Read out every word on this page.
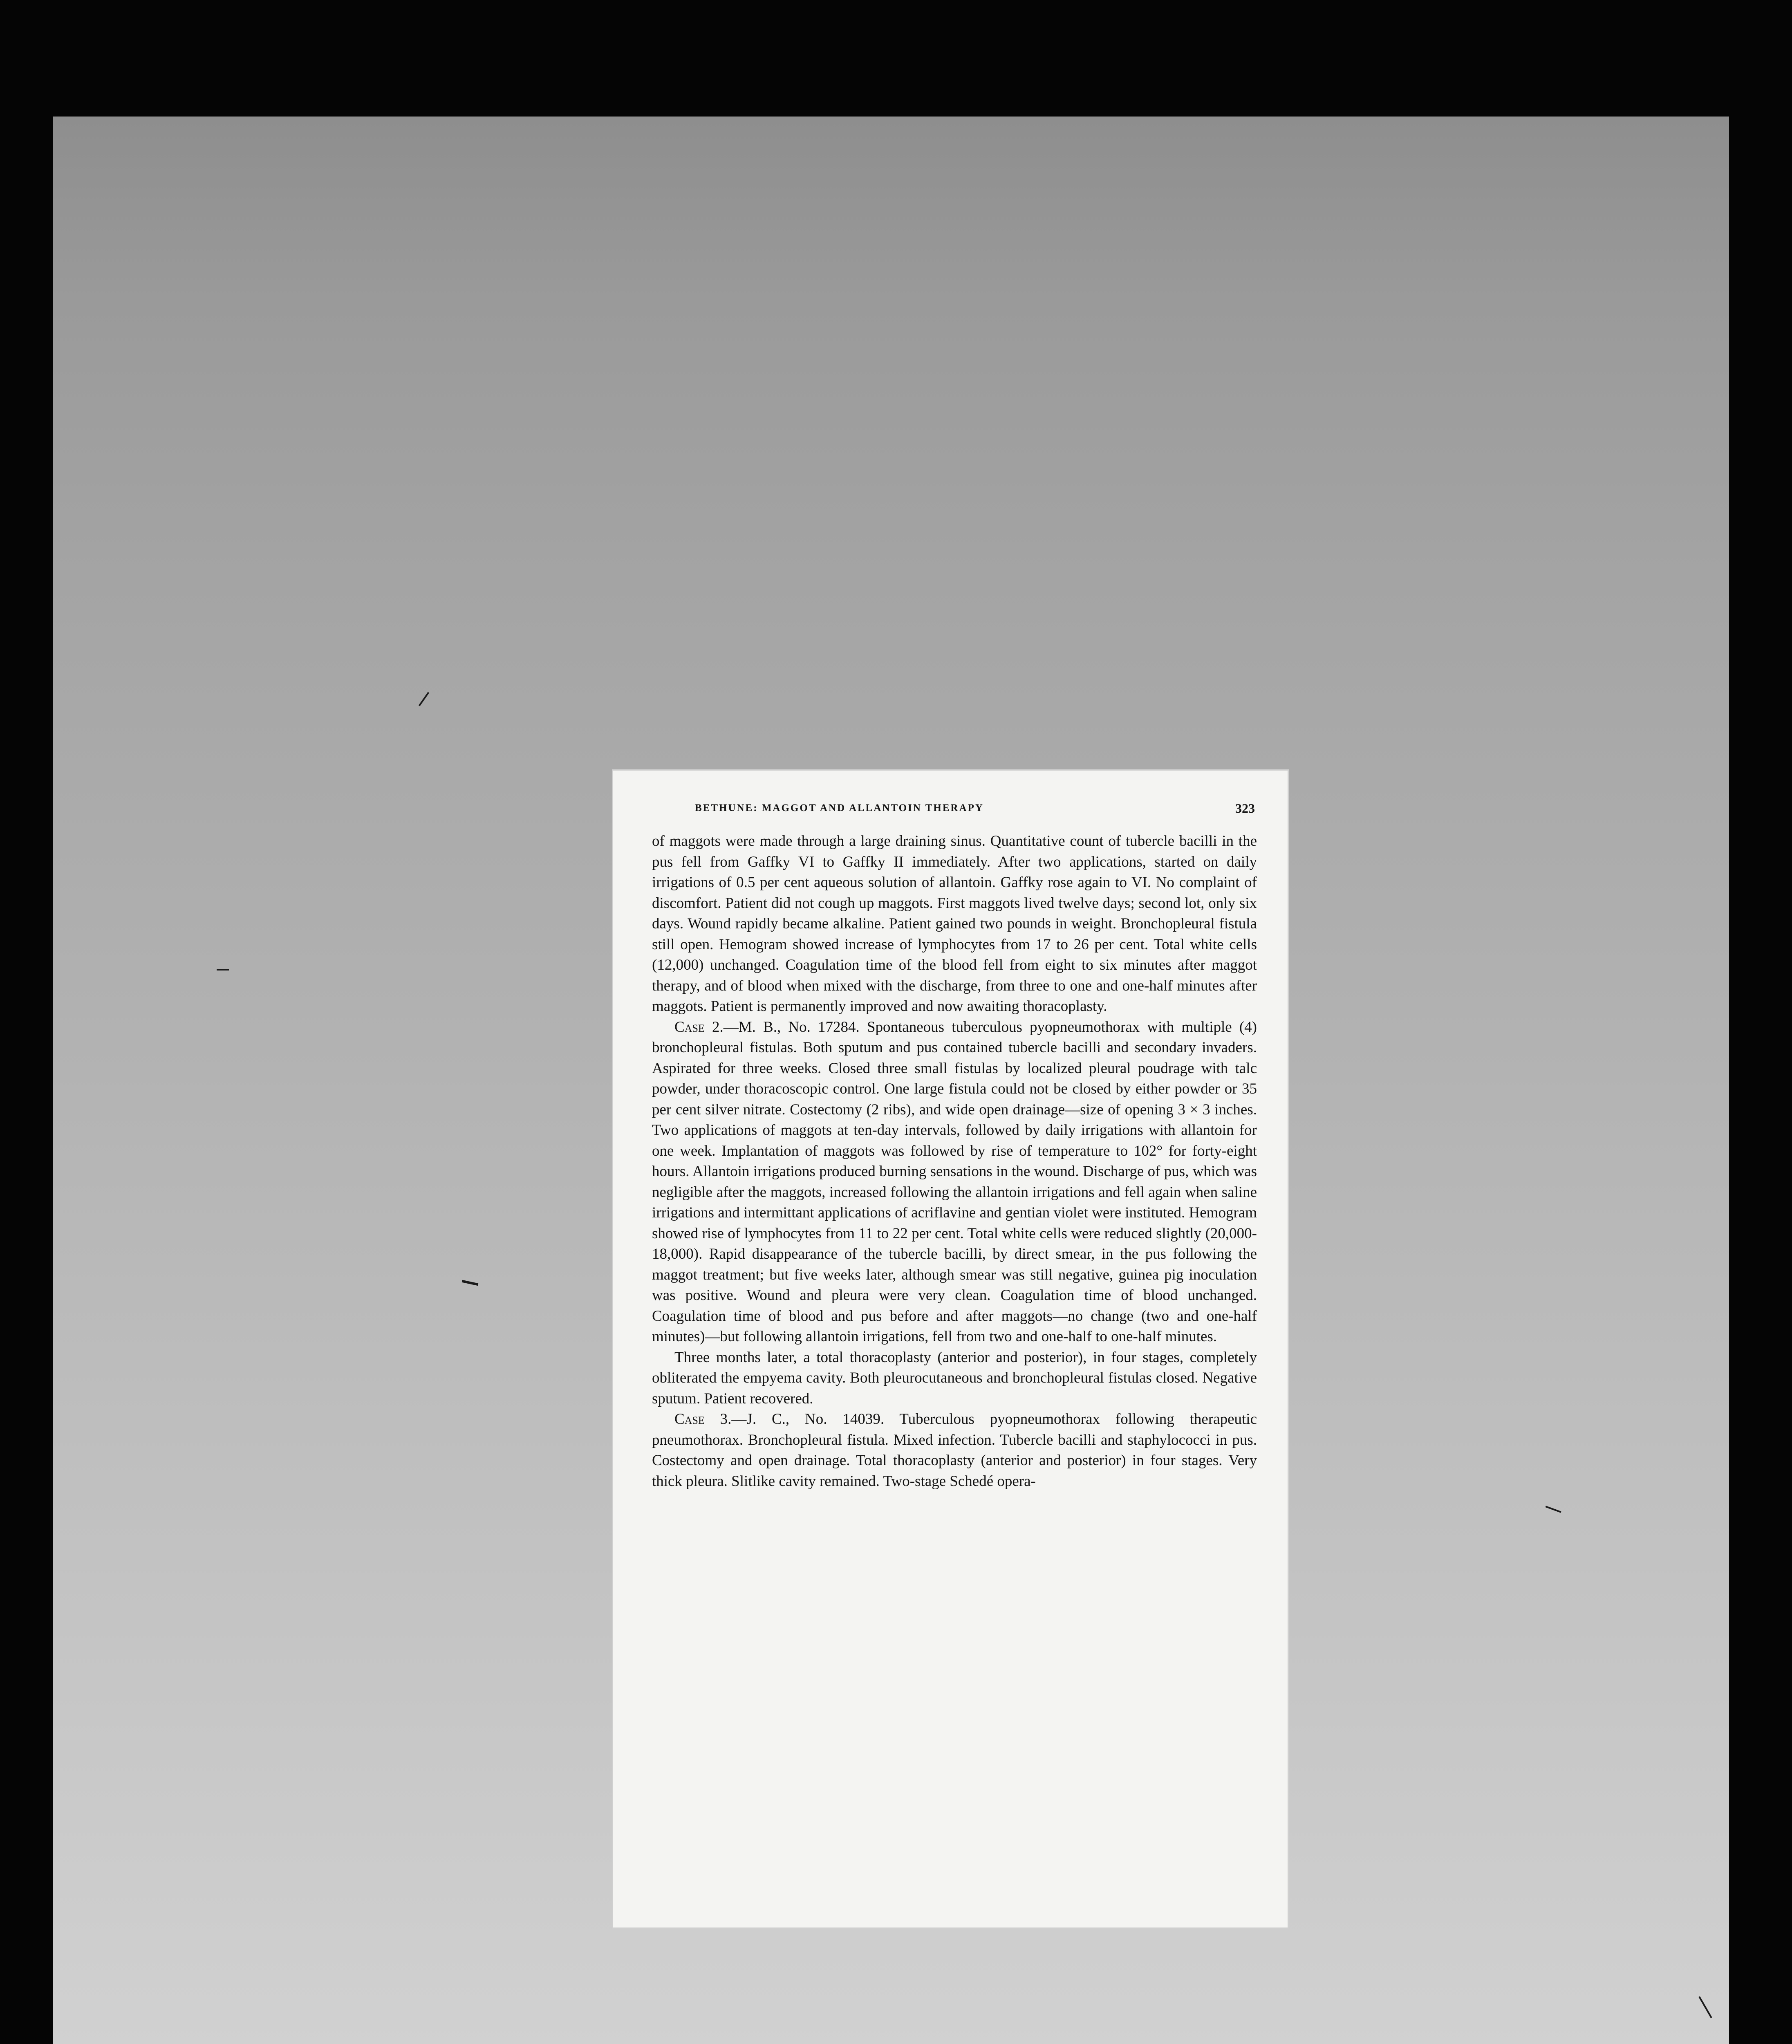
BETHUNE: MAGGOT AND ALLANTOIN THERAPY	323

of maggots were made through a large draining sinus. Quantitative count of tubercle bacilli in the pus fell from Gaffky VI to Gaffky II immediately. After two applications, started on daily irrigations of 0.5 per cent aqueous solution of allantoin. Gaffky rose again to VI. No complaint of discomfort. Patient did not cough up maggots. First maggots lived twelve days; second lot, only six days. Wound rapidly became alkaline. Patient gained two pounds in weight. Bronchopleural fistula still open. Hemogram showed increase of lymphocytes from 17 to 26 per cent. Total white cells (12,000) unchanged. Coagulation time of the blood fell from eight to six minutes after maggot therapy, and of blood when mixed with the discharge, from three to one and one-half minutes after maggots. Patient is permanently improved and now awaiting thoracoplasty.

Case 2.—M. B., No. 17284. Spontaneous tuberculous pyopneumothorax with multiple (4) bronchopleural fistulas. Both sputum and pus contained tubercle bacilli and secondary invaders. Aspirated for three weeks. Closed three small fistulas by localized pleural poudrage with talc powder, under thoracoscopic control. One large fistula could not be closed by either powder or 35 per cent silver nitrate. Costectomy (2 ribs), and wide open drainage—size of opening 3 × 3 inches. Two applications of maggots at ten-day intervals, followed by daily irrigations with allantoin for one week. Implantation of maggots was followed by rise of temperature to 102° for forty-eight hours. Allantoin irrigations produced burning sensations in the wound. Discharge of pus, which was negligible after the maggots, increased following the allantoin irrigations and fell again when saline irrigations and intermittant applications of acriflavine and gentian violet were instituted. Hemogram showed rise of lymphocytes from 11 to 22 per cent. Total white cells were reduced slightly (20,000-18,000). Rapid disappearance of the tubercle bacilli, by direct smear, in the pus following the maggot treatment; but five weeks later, although smear was still negative, guinea pig inoculation was positive. Wound and pleura were very clean. Coagulation time of blood unchanged. Coagulation time of blood and pus before and after maggots—no change (two and one-half minutes)—but following allantoin irrigations, fell from two and one-half to one-half minutes.

Three months later, a total thoracoplasty (anterior and posterior), in four stages, completely obliterated the empyema cavity. Both pleurocutaneous and bronchopleural fistulas closed. Negative sputum. Patient recovered.

Case 3.—J. C., No. 14039. Tuberculous pyopneumothorax following therapeutic pneumothorax. Bronchopleural fistula. Mixed infection. Tubercle bacilli and staphylococci in pus. Costectomy and open drainage. Total thoracoplasty (anterior and posterior) in four stages. Very thick pleura. Slitlike cavity remained. Two-stage Schedé opera-
